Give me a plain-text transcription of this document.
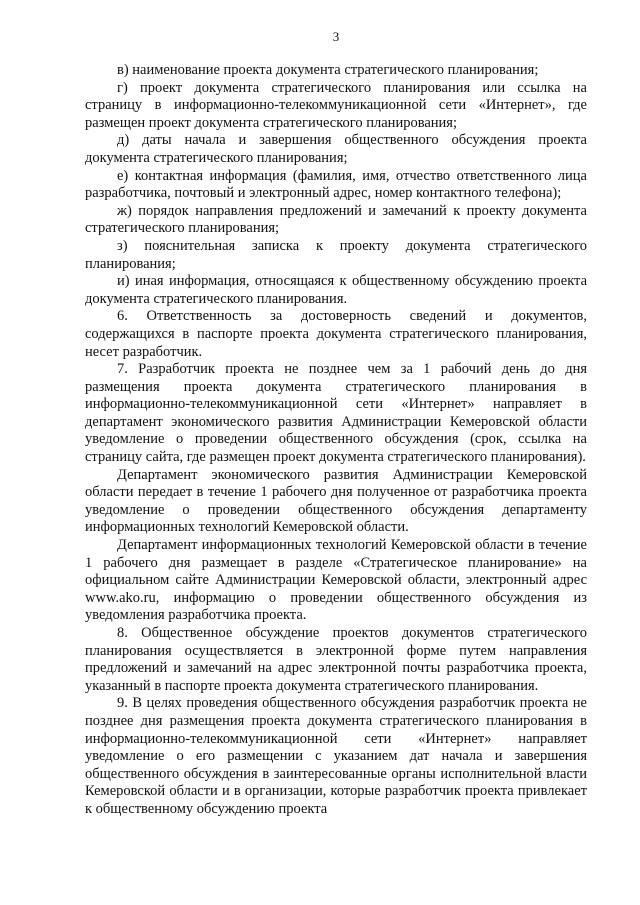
3

в) наименование проекта документа стратегического планирования;

г) проект документа стратегического планирования или ссылка на страницу в информационно-телекоммуникационной сети «Интернет», где размещен проект документа стратегического планирования;

д) даты начала и завершения общественного обсуждения проекта документа стратегического планирования;

е) контактная информация (фамилия, имя, отчество ответственного лица разработчика, почтовый и электронный адрес, номер контактного телефона);

ж) порядок направления предложений и замечаний к проекту документа стратегического планирования;

з) пояснительная записка к проекту документа стратегического планирования;

и) иная информация, относящаяся к общественному обсуждению проекта документа стратегического планирования.

6. Ответственность за достоверность сведений и документов, содержащихся в паспорте проекта документа стратегического планирования, несет разработчик.

7. Разработчик проекта не позднее чем за 1 рабочий день до дня размещения проекта документа стратегического планирования в информационно-телекоммуникационной сети «Интернет» направляет в департамент экономического развития Администрации Кемеровской области уведомление о проведении общественного обсуждения (срок, ссылка на страницу сайта, где размещен проект документа стратегического планирования).

Департамент экономического развития Администрации Кемеровской области передает в течение 1 рабочего дня полученное от разработчика проекта уведомление о проведении общественного обсуждения департаменту информационных технологий Кемеровской области.

Департамент информационных технологий Кемеровской области в течение 1 рабочего дня размещает в разделе «Стратегическое планирование» на официальном сайте Администрации Кемеровской области, электронный адрес www.ako.ru, информацию о проведении общественного обсуждения из уведомления разработчика проекта.

8. Общественное обсуждение проектов документов стратегического планирования осуществляется в электронной форме путем направления предложений и замечаний на адрес электронной почты разработчика проекта, указанный в паспорте проекта документа стратегического планирования.

9. В целях проведения общественного обсуждения разработчик проекта не позднее дня размещения проекта документа стратегического планирования в информационно-телекоммуникационной сети «Интернет» направляет уведомление о его размещении с указанием дат начала и завершения общественного обсуждения в заинтересованные органы исполнительной власти Кемеровской области и в организации, которые разработчик проекта привлекает к общественному обсуждению проекта
